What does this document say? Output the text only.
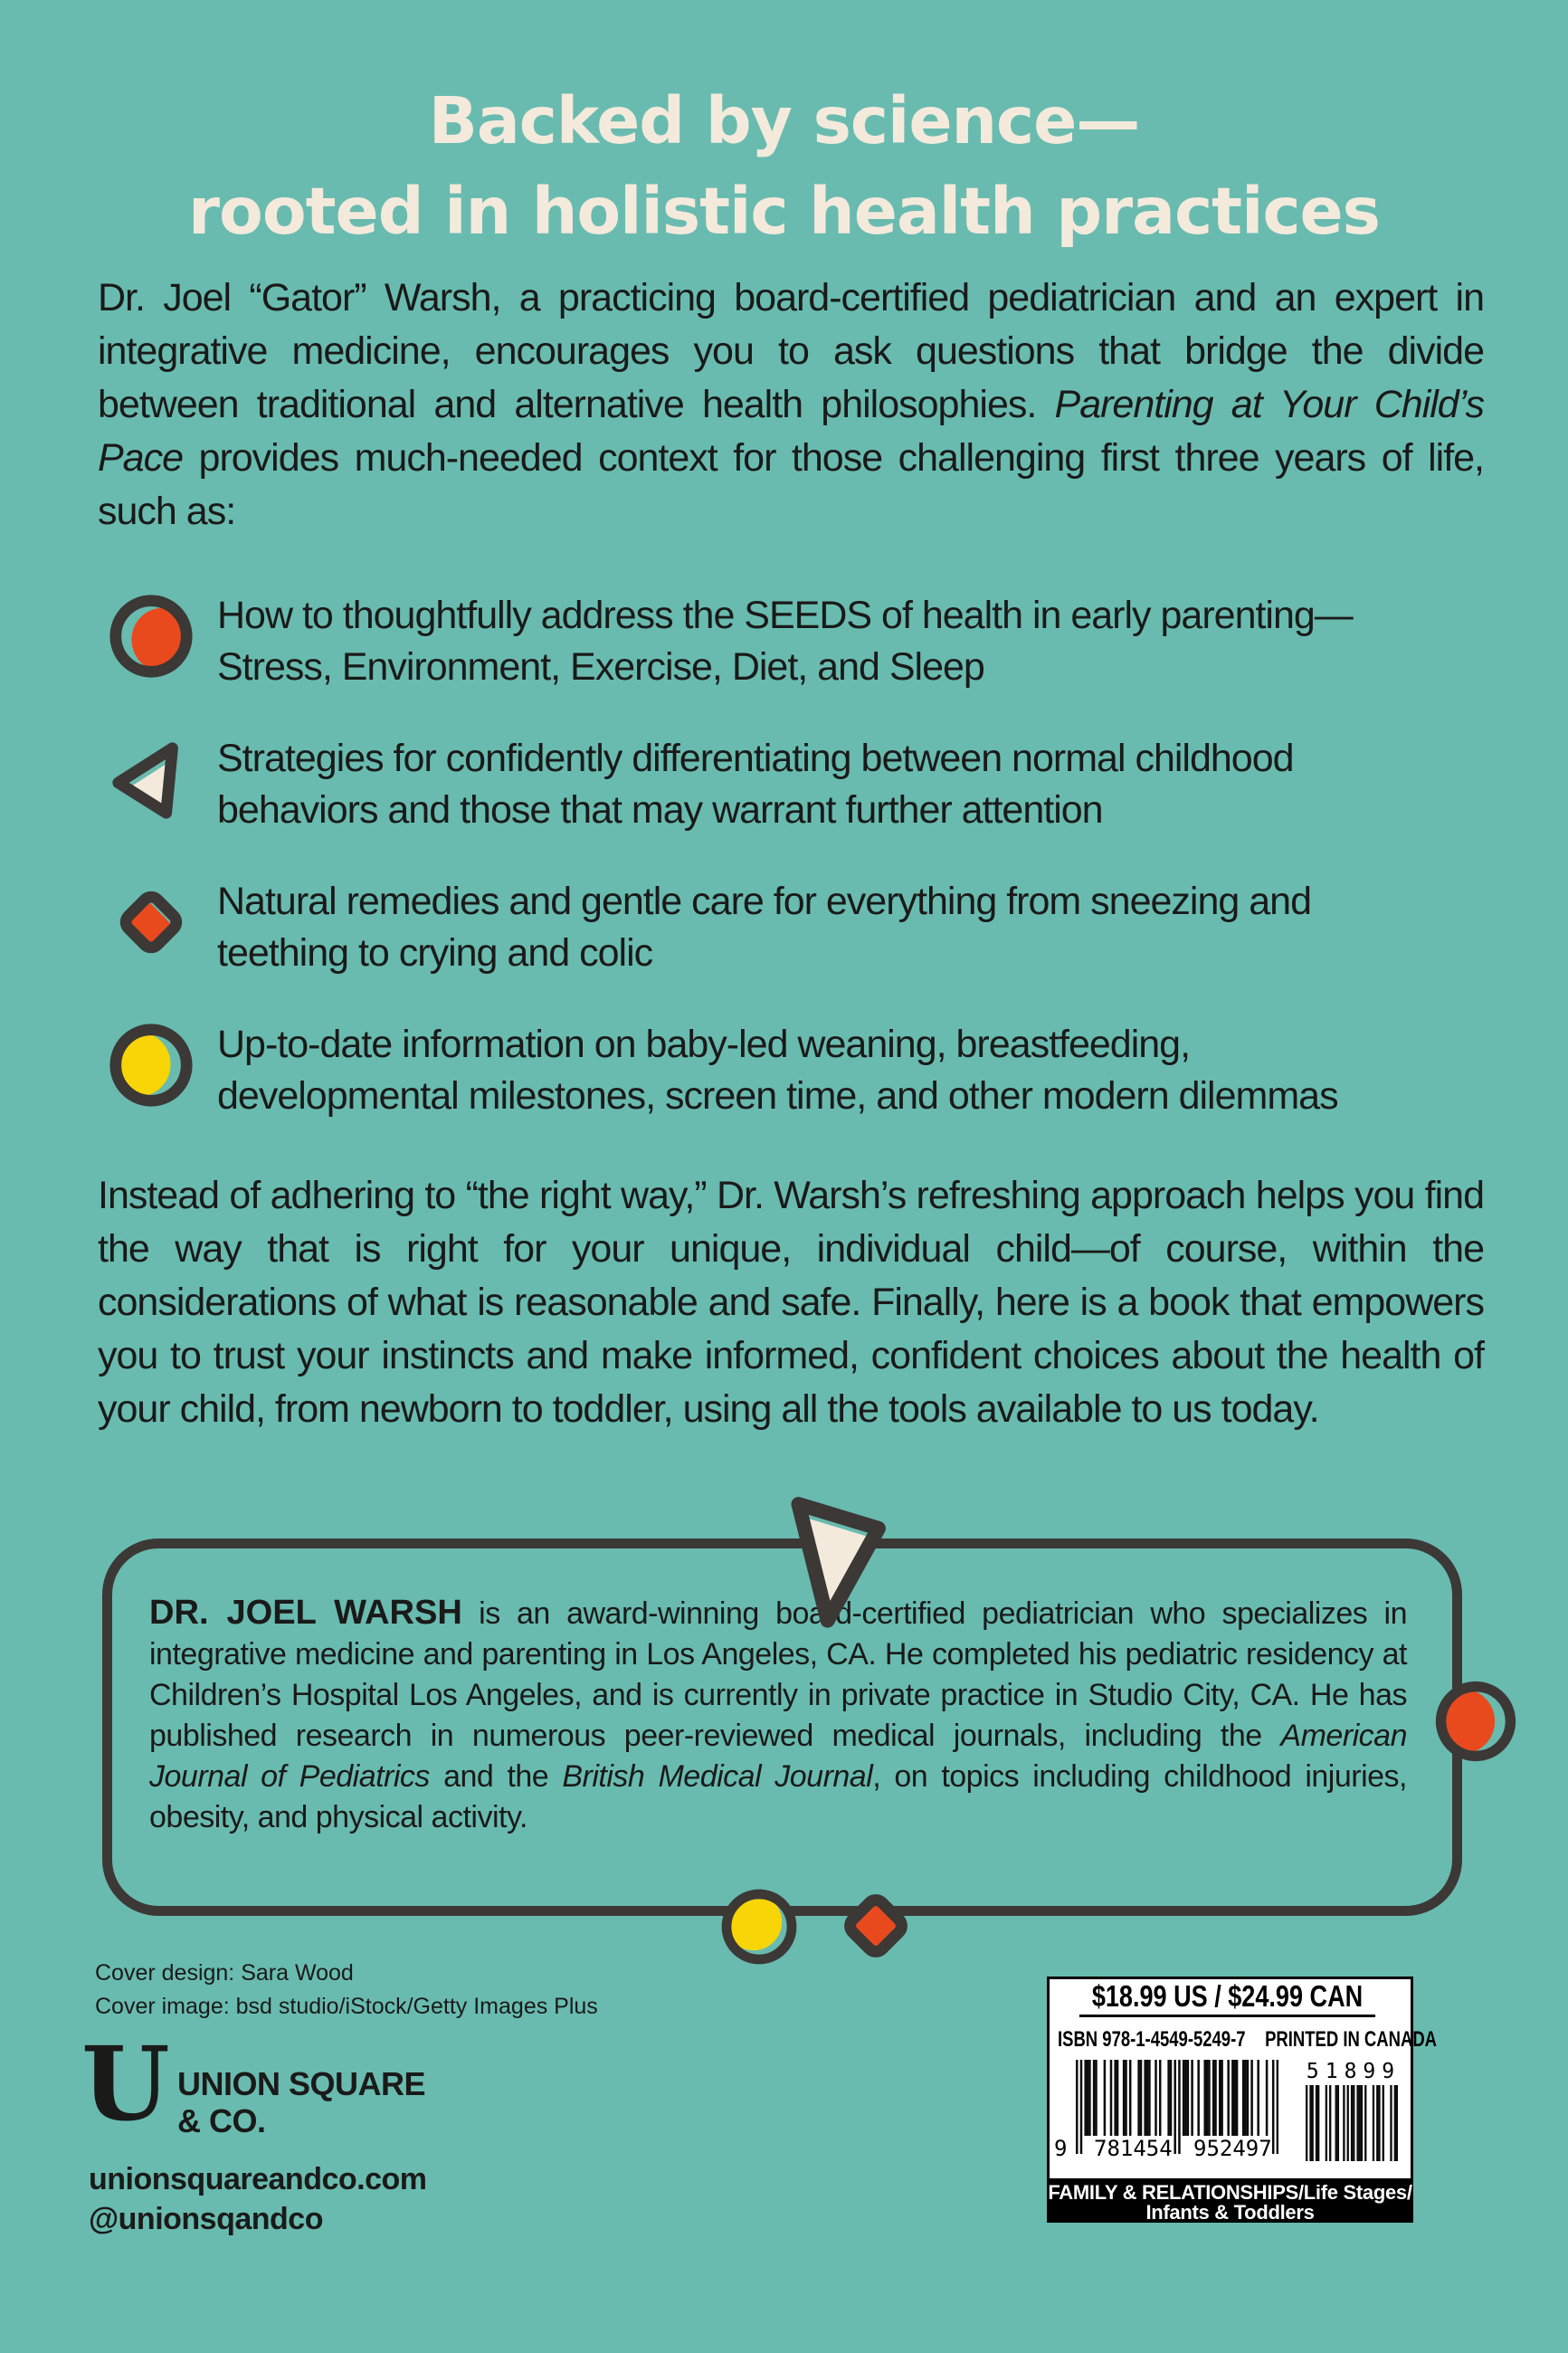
Backed by science—
rooted in holistic health practices

Dr. Joel “Gator” Warsh, a practicing board-certified pediatrician and an expert in integrative medicine, encourages you to ask questions that bridge the divide between traditional and alternative health philosophies. Parenting at Your Child’s Pace provides much-needed context for those challenging first three years of life, such as:

How to thoughtfully address the SEEDS of health in early parenting—Stress, Environment, Exercise, Diet, and Sleep

Strategies for confidently differentiating between normal childhood behaviors and those that may warrant further attention

Natural remedies and gentle care for everything from sneezing and teething to crying and colic

Up-to-date information on baby-led weaning, breastfeeding, developmental milestones, screen time, and other modern dilemmas

Instead of adhering to “the right way,” Dr. Warsh’s refreshing approach helps you find the way that is right for your unique, individual child—of course, within the considerations of what is reasonable and safe. Finally, here is a book that empowers you to trust your instincts and make informed, confident choices about the health of your child, from newborn to toddler, using all the tools available to us today.

DR. JOEL WARSH is an award-winning board-certified pediatrician who specializes in integrative medicine and parenting in Los Angeles, CA. He completed his pediatric residency at Children’s Hospital Los Angeles, and is currently in private practice in Studio City, CA. He has published research in numerous peer-reviewed medical journals, including the American Journal of Pediatrics and the British Medical Journal, on topics including childhood injuries, obesity, and physical activity.

Cover design: Sara Wood
Cover image: bsd studio/iStock/Getty Images Plus
U UNION SQUARE
& CO.
unionsquareandco.com
@unionsqandco
$18.99 US / $24.99 CAN
ISBN 978-1-4549-5249-7 PRINTED IN CANADA
9 781454 952497
51899
FAMILY & RELATIONSHIPS/Life Stages/
Infants & Toddlers
